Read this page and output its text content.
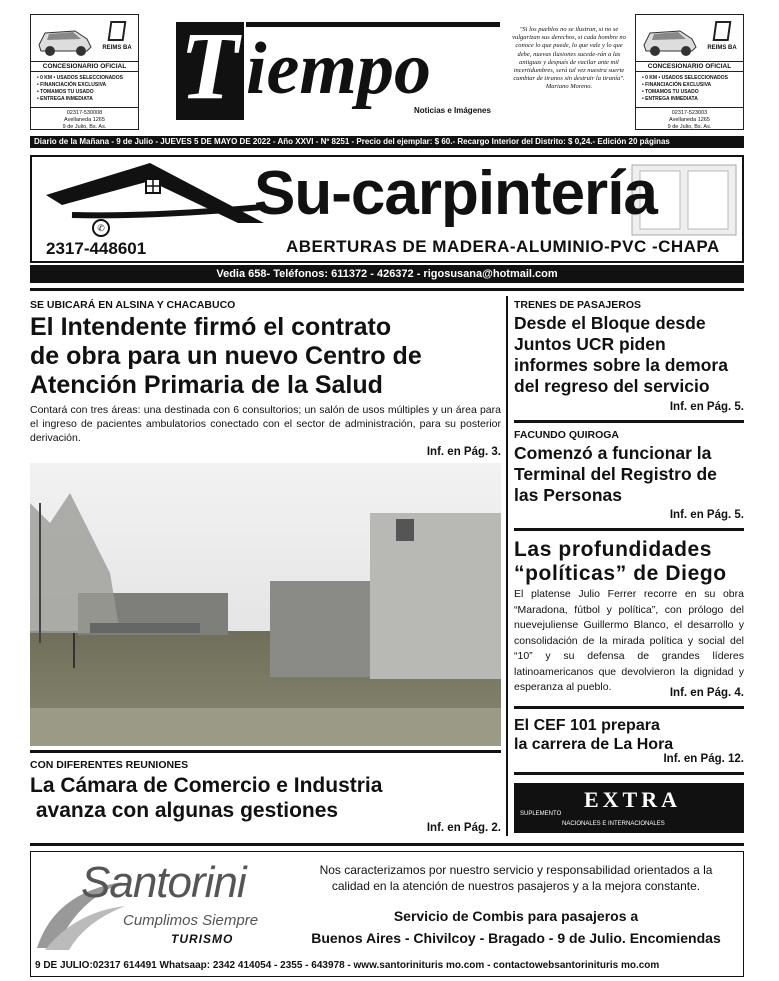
REIMS BA
CONCESIONARIO OFICIAL
• 0 KM • USADOS SELECCIONADOS
• FINANCIACIÓN EXCLUSIVA
• TOMAMOS TU USADO
• ENTREGA INMEDIATA
02317-530008
Avellaneda 1265
9 de Julio, Bs. As.
REIMS BA
CONCESIONARIO OFICIAL
• 0 KM • USADOS SELECCIONADOS
• FINANCIACIÓN EXCLUSIVA
• TOMAMOS TU USADO
• ENTREGA INMEDIATA
02317-523003
Avellaneda 1265
9 de Julio, Bs. As.
T iempo
Noticias e Imágenes
"Si los pueblos no se ilustran, si no se vulgarizan sus derechos, si cada hombre no conoce lo que puede, lo que vale y lo que debe, nuevas ilusiones sucede-rán a las antiguas y después de vacilar ante mil incertidumbres, será tal vez nuestra suerte cambiar de tiranos sin destruir la tiranía". Mariano Moreno.
Diario de la Mañana - 9 de Julio - JUEVES 5 DE MAYO DE 2022 - Año XXVI - Nº 8251 - Precio del ejemplar: $ 60.- Recargo Interior del Distrito: $ 0,24.- Edición 20 páginas
Su-carpintería
✆
2317-448601	ABERTURAS DE MADERA-ALUMINIO-PVC -CHAPA
Vedia 658- Teléfonos: 611372 - 426372 - rigosusana@hotmail.com
SE UBICARÁ EN ALSINA Y CHACABUCO
El Intendente firmó el contrato
de obra para un nuevo Centro de
Atención Primaria de la Salud
Contará con tres áreas: una destinada con 6 consultorios; un salón de usos múltiples y un área para el ingreso de pacientes ambulatorios conectado con el sector de administración, para su posterior derivación.
Inf. en Pág. 3.
CON DIFERENTES REUNIONES
La Cámara de Comercio e Industria
avanza con algunas gestiones
Inf. en Pág. 2.
TRENES DE PASAJEROS
Desde el Bloque desde
Juntos UCR piden
informes sobre la demora
del regreso del servicio
Inf. en Pág. 5.
FACUNDO QUIROGA
Comenzó a funcionar la
Terminal del Registro de
las Personas
Inf. en Pág. 5.
Las profundidades
“políticas” de Diego
El platense Julio Ferrer recorre en su obra “Maradona, fútbol y política”, con prólogo del nuevejuliense Guillermo Blanco, el desarrollo y consolidación de la mirada política y social del “10” y su defensa de grandes líderes latinoamericanos que devolvieron la dignidad y esperanza al pueblo.	Inf. en Pág. 4.
El CEF 101 prepara
la carrera de La Hora
Inf. en Pág. 12.
EXTRA
SUPLEMENTO
NACIONALES E INTERNACIONALES
Santorini
Cumplimos Siempre
TURISMO
Nos caracterizamos por nuestro servicio y responsabilidad orientados a la calidad en la atención de nuestros pasajeros y a la mejora constante.
Servicio de Combis para pasajeros a
Buenos Aires - Chivilcoy - Bragado - 9 de Julio. Encomiendas
9 DE JULIO:02317 614491 Whatsaap: 2342 414054 - 2355 - 643978 - www.santorinituris mo.com - contactowebsantorinituris mo.com
